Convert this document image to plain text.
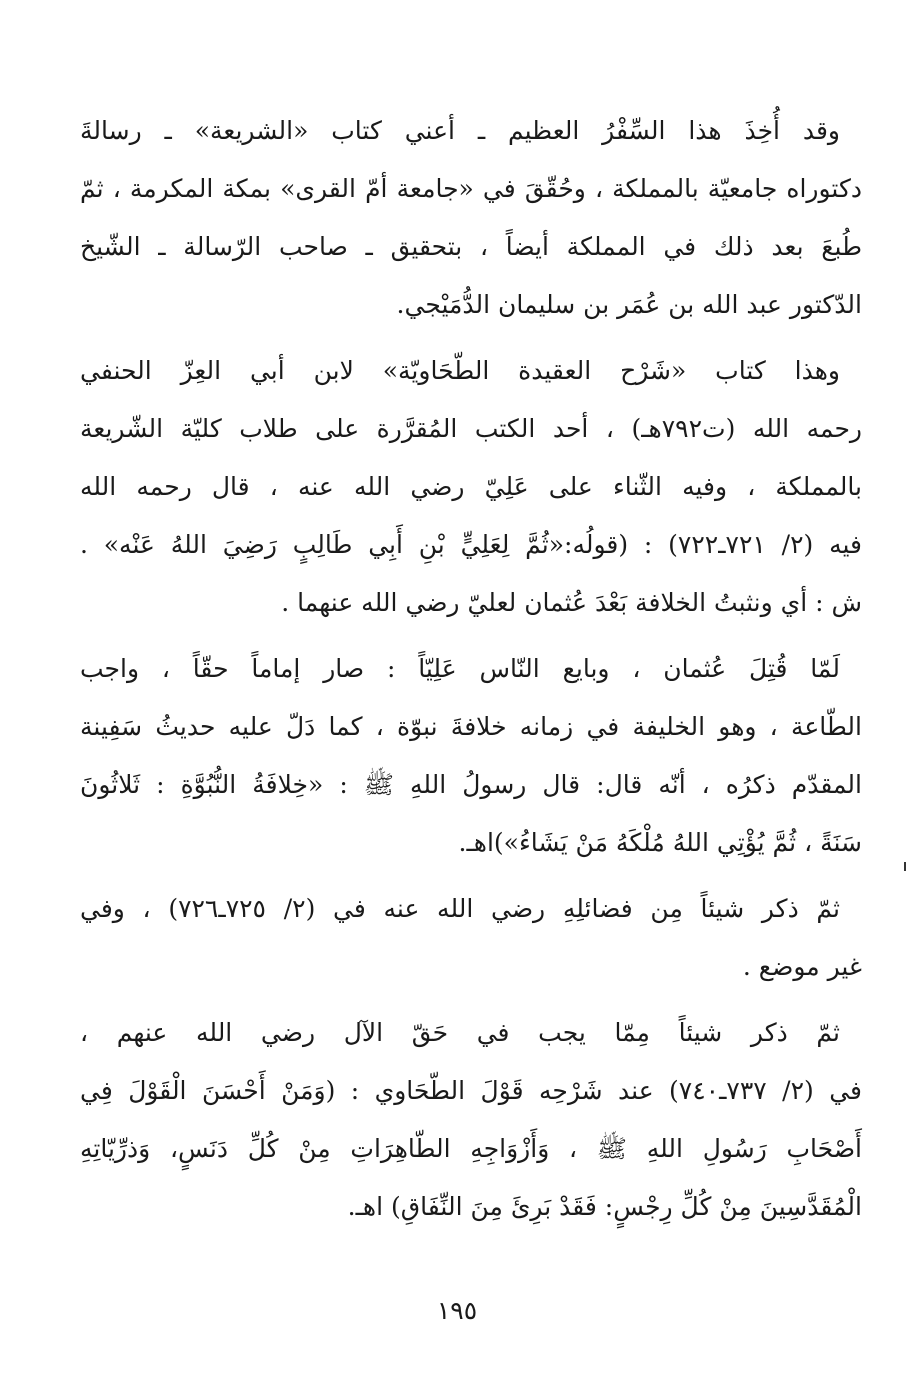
وقد أُخِذَ هذا السِّفْرُ العظيم ـ أعني كتاب «الشريعة» ـ رسالةَ
دكتوراه جامعيّة بالمملكة ، وحُقّقَ في «جامعة أمّ القرى» بمكة المكرمة ، ثمّ
طُبعَ بعد ذلك في المملكة أيضاً ، بتحقيق ـ صاحب الرّسالة ـ الشّيخ
الدّكتور عبد الله بن عُمَر بن سليمان الدُّمَيْجي.
وهذا كتاب «شَرْح العقيدة الطّحَاويّة» لابن أبي العِزّ الحنفي
رحمه الله (ت٧٩٢هـ) ، أحد الكتب المُقرَّرة على طلاب كليّة الشّريعة
بالمملكة ، وفيه الثّناء على عَلِيّ رضي الله عنه ، قال رحمه الله
فيه (٢/ ٧٢١ـ٧٢٢) : (قولُه:«ثُمَّ لِعَلِيٍّ بْنِ أَبِي طَالِبٍ رَضِيَ اللهُ عَنْه» .
ش : أي ونثبتُ الخلافة بَعْدَ عُثمان لعليّ رضي الله عنهما .
لَمّا قُتِلَ عُثمان ، وبايع النّاس عَلِيّاً : صار إماماً حقّاً ، واجب
الطّاعة ، وهو الخليفة في زمانه خلافةَ نبوّة ، كما دَلّ عليه حديثُ سَفِينة
المقدّم ذكرُه ، أنّه قال: قال رسولُ اللهِ ﷺ : «خِلافَةُ النُّبُوَّةِ : ثَلاثُونَ
سَنَةً ، ثُمَّ يُؤْتِي اللهُ مُلْكَهُ مَنْ يَشَاءُ»)اهـ.
ثمّ ذكر شيئاً مِن فضائلِهِ رضي الله عنه في (٢/ ٧٢٥ـ٧٢٦) ، وفي
غير موضع .
ثمّ ذكر شيئاً مِمّا يجب في حَقّ الآل رضي الله عنهم ،
في (٢/ ٧٣٧ـ٧٤٠) عند شَرْحِه قَوْلَ الطّحَاوي : (وَمَنْ أَحْسَنَ الْقَوْلَ فِي
أَصْحَابِ رَسُولِ اللهِ ﷺ ، وَأَزْوَاجِهِ الطّاهِرَاتِ مِنْ كُلِّ دَنَسٍ، وَذرِّيّاتِهِ
الْمُقَدَّسِينَ مِنْ كُلِّ رِجْسٍ: فَقَدْ بَرِئَ مِنَ النِّفَاقِ) اهـ.
١٩٥
